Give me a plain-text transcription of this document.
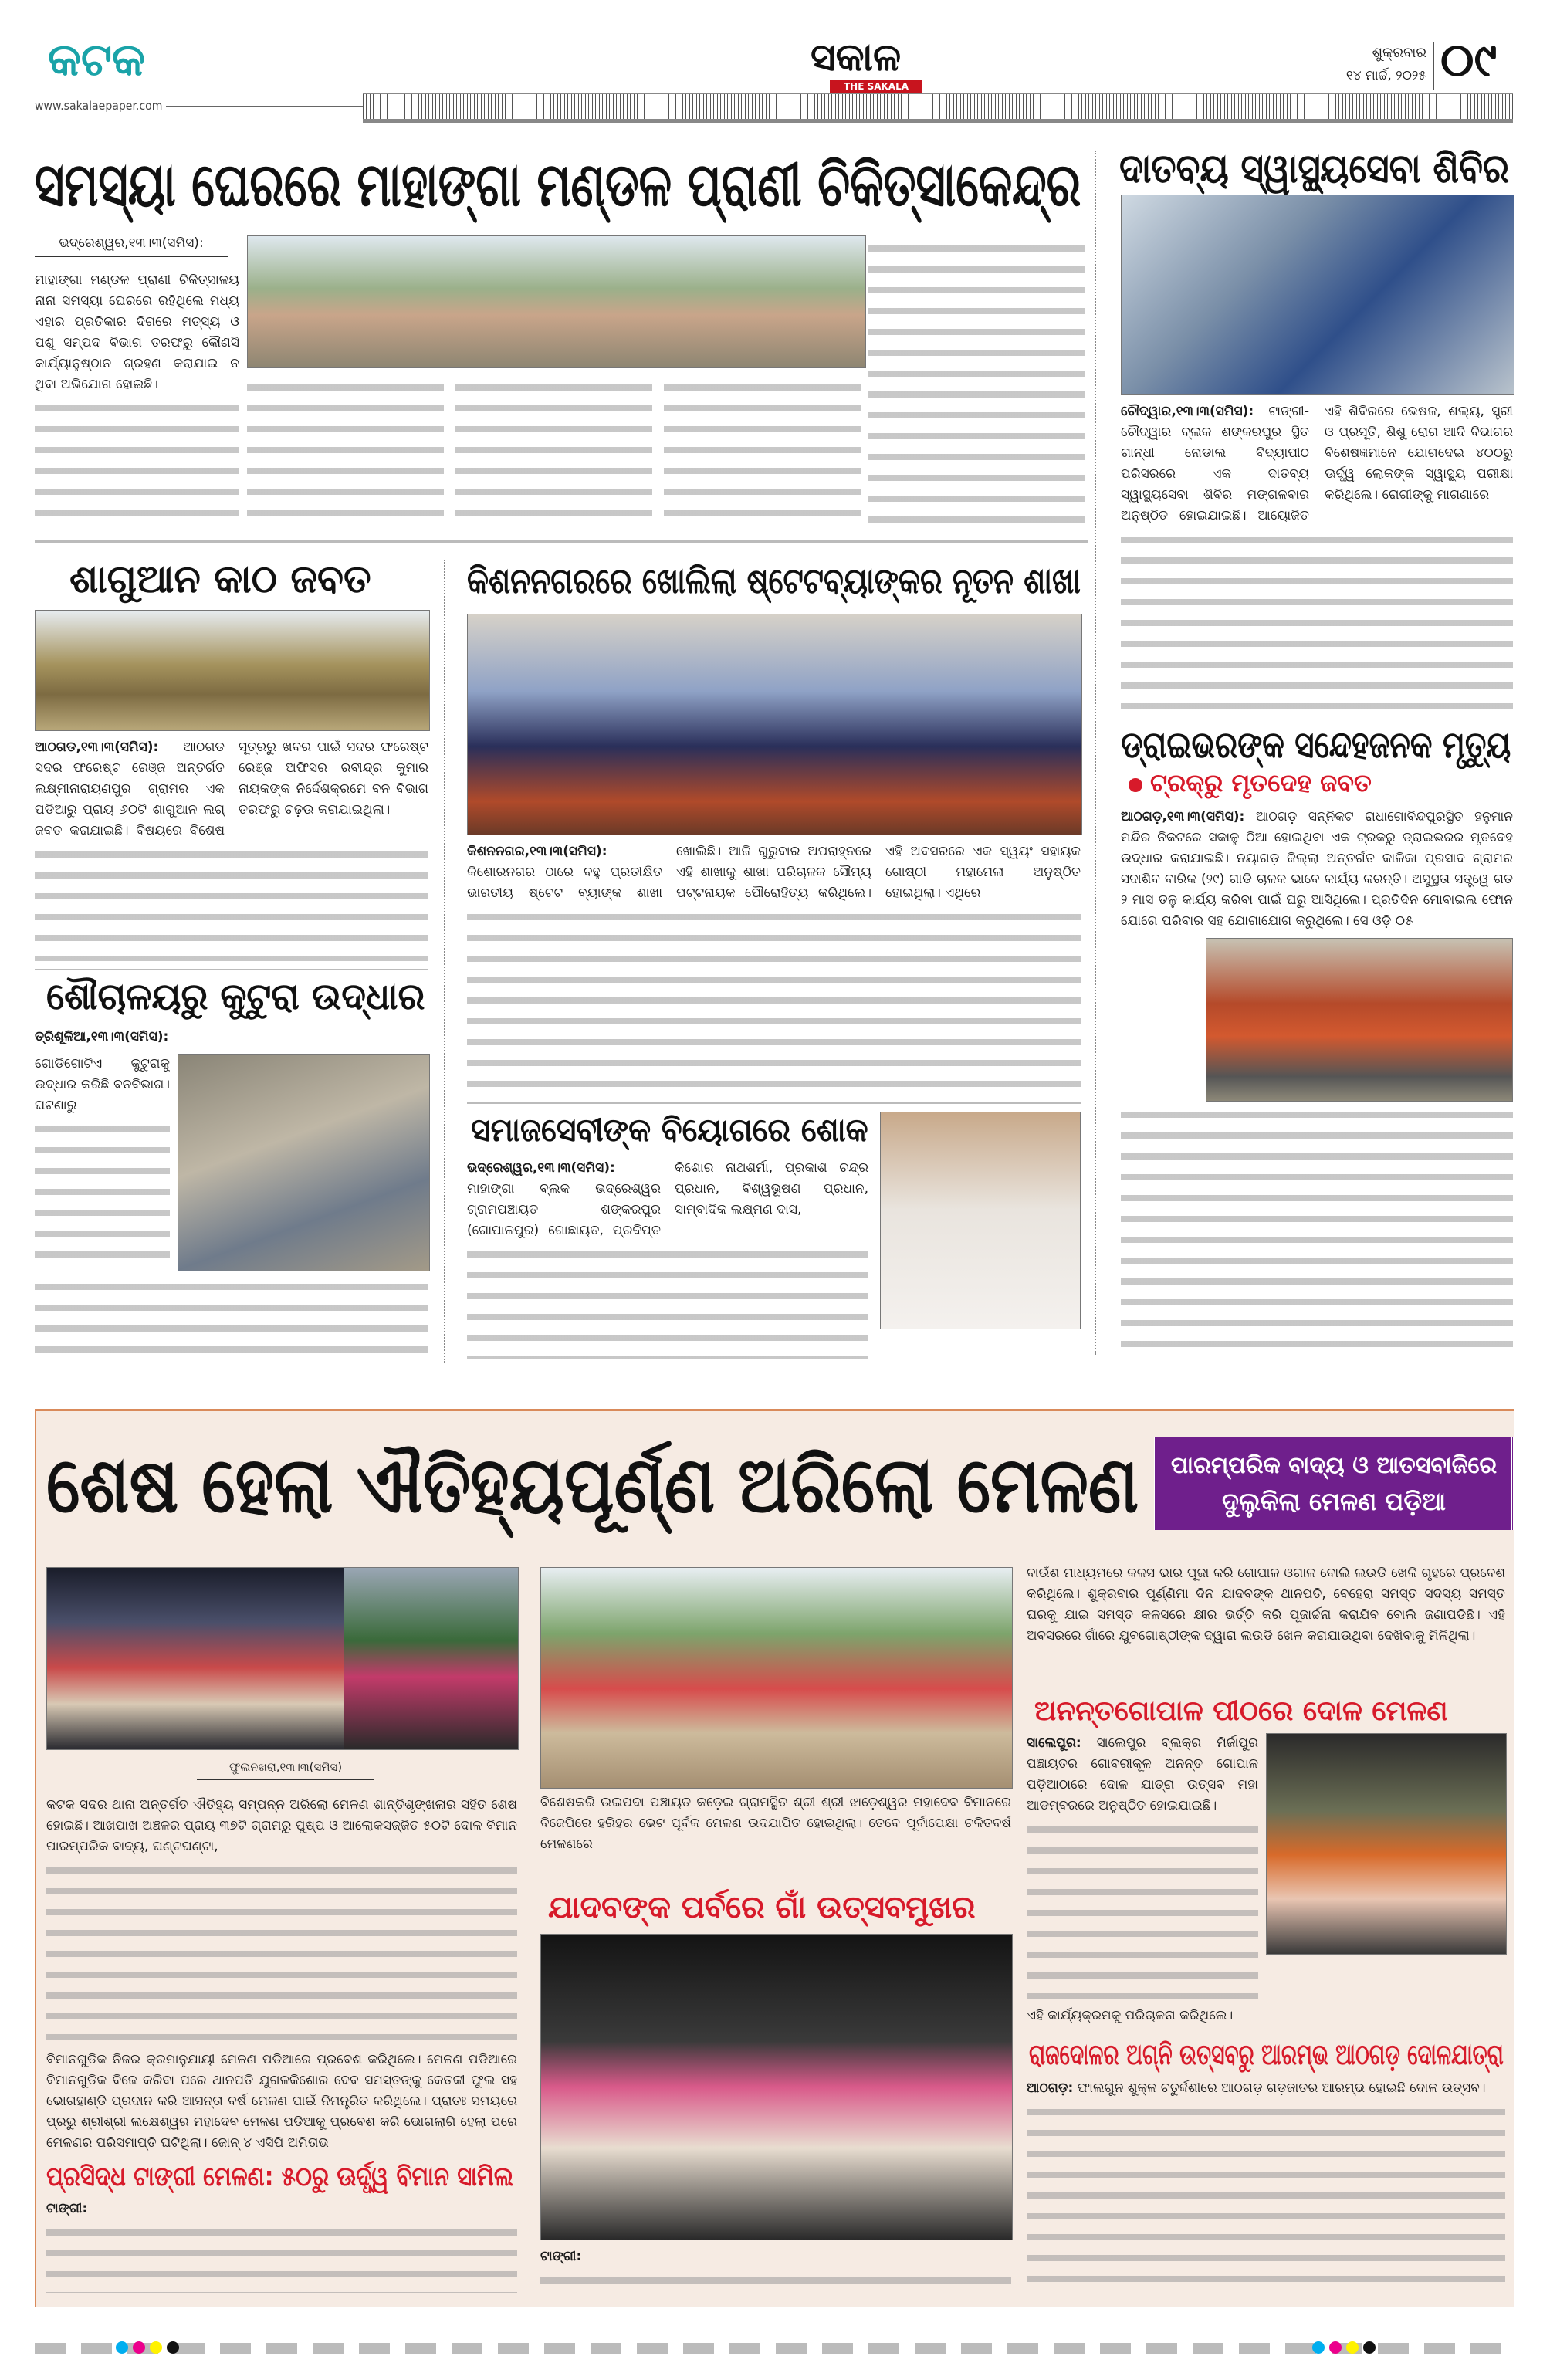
କଟକ
www.sakalaepaper.com
ସକାଳ
THE SAKALA
ଶୁକ୍ରବାର
୧୪ ମାର୍ଚ୍ଚ, ୨୦୨୫ ୦୯
ସମସ୍ୟା ଘେରରେ ମାହାଙ୍ଗା ମଣ୍ଡଳ ପ୍ରାଣୀ ଚିକିତ୍ସାକେନ୍ଦ୍ର
ଭଦ୍ରେଶ୍ୱର,୧୩।୩(ସମିସ):

ମାହାଙ୍ଗା ମଣ୍ଡଳ ପ୍ରାଣୀ ଚିକିତ୍ସାଳୟ ନାନା ସମସ୍ୟା ଘେରରେ ରହିଥିଲେ ମଧ୍ୟ ଏହାର ପ୍ରତିକାର ଦିଗରେ ମତ୍ସ୍ୟ ଓ ପଶୁ ସମ୍ପଦ ବିଭାଗ ତରଫରୁ କୌଣସି କାର୍ଯ୍ୟାନୁଷ୍ଠାନ ଗ୍ରହଣ କରାଯାଇ ନ ଥିବା ଅଭିଯୋଗ ହୋଇଛି।

ଦାତବ୍ୟ ସ୍ୱାସ୍ଥ୍ୟସେବା ଶିବିର

ଚୌଦ୍ୱାର,୧୩।୩(ସମିସ): ଟାଙ୍ଗୀ-ଚୌଦ୍ୱାର ବ୍ଲକ ଶଙ୍କରପୁର ସ୍ଥିତ ଗାନ୍ଧୀ ନୋଡାଲ ବିଦ୍ୟାପୀଠ ପରିସରରେ ଏକ ଦାତବ୍ୟ ସ୍ୱାସ୍ଥ୍ୟସେବା ଶିବିର ମଙ୍ଗଳବାର ଅନୁଷ୍ଠିତ ହୋଇଯାଇଛି। ଆୟୋଜିତ ଏହି ଶିବିରରେ ଭେଷଜ, ଶଲ୍ୟ, ସ୍ତ୍ରୀ ଓ ପ୍ରସୂତି, ଶିଶୁ ରୋଗ ଆଦି ବିଭାଗର ବିଶେଷଜ୍ଞମାନେ ଯୋଗଦେଇ ୪୦୦ରୁ ଊର୍ଦ୍ଧ୍ୱ ଲୋକଙ୍କ ସ୍ୱାସ୍ଥ୍ୟ ପରୀକ୍ଷା କରିଥିଲେ। ରୋଗୀଙ୍କୁ ମାଗଣାରେ

ଶାଗୁଆନ କାଠ ଜବତ

ଆଠଗଡ,୧୩।୩(ସମିସ): ଆଠଗଡ ସଦର ଫରେଷ୍ଟ ରେଞ୍ଜ ଅନ୍ତର୍ଗତ ଲକ୍ଷ୍ମୀନାରାୟଣପୁର ଗ୍ରାମର ଏକ ପଡିଆରୁ ପ୍ରାୟ ୬୦ଟି ଶାଗୁଆନ ଲଗ୍ ଜବତ କରାଯାଇଛି। ବିଷୟରେ ବିଶେଷ ସୂତ୍ରରୁ ଖବର ପାଇଁ ସଦର ଫରେଷ୍ଟ ରେଞ୍ଜ ଅଫିସର ରବୀନ୍ଦ୍ର କୁମାର ନାୟକଙ୍କ ନିର୍ଦ୍ଦେଶକ୍ରମେ ବନ ବିଭାଗ ତରଫରୁ ଚଢ଼ଉ କରାଯାଇଥିଲା।

କିଶନନଗରରେ ଖୋଲିଲା ଷ୍ଟେଟବ୍ୟାଙ୍କର ନୂତନ ଶାଖା

କିଶନନଗର,୧୩।୩(ସମିସ): କିଶୋରନଗର ଠାରେ ବହୁ ପ୍ରତୀକ୍ଷିତ ଭାରତୀୟ ଷ୍ଟେଟ ବ୍ୟାଙ୍କ ଶାଖା ଖୋଲିଛି। ଆଜି ଗୁରୁବାର ଅପରାହ୍ନରେ ଏହି ଶାଖାକୁ ଶାଖା ପରିଚାଳକ ସୌମ୍ୟ ପଟ୍ଟନାୟକ ପୌରୋହିତ୍ୟ କରିଥିଲେ। ଏହି ଅବସରରେ ଏକ ସ୍ୱୟଂ ସହାୟକ ଗୋଷ୍ଠୀ ମହାମେଳା ଅନୁଷ୍ଠିତ ହୋଇଥିଲା। ଏଥିରେ

ଶୌଚାଳୟରୁ କୁଟୁରା ଉଦ୍ଧାର

ତ୍ରିଶୂଳିଆ,୧୩।୩(ସମିସ):

ଗୋଡିଗୋଟିଏ କୁଟୁରାକୁ ଉଦ୍ଧାର କରିଛି ବନବିଭାଗ। ଘଟଣାରୁ

ସମାଜସେବୀଙ୍କ ବିୟୋଗରେ ଶୋକ

ଭଦ୍ରେଶ୍ୱର,୧୩।୩(ସମିସ): ମାହାଙ୍ଗା ବ୍ଲକ ଭଦ୍ରେଶ୍ୱର ଗ୍ରାମପଞ୍ଚାୟତ ଶଙ୍କରପୁର (ଗୋପାଳପୁର) ଗୋଛାୟତ, ପ୍ରଦିପ୍ତ କିଶୋର ନାଥଶର୍ମା, ପ୍ରକାଶ ଚନ୍ଦ୍ର ପ୍ରଧାନ, ବିଶ୍ୱଭୂଷଣ ପ୍ରଧାନ, ସାମ୍ବାଦିକ ଲକ୍ଷ୍ମଣ ଦାସ,

ଡ୍ରାଇଭରଙ୍କ ସନ୍ଦେହଜନକ ମୃତ୍ୟୁ
ଟ୍ରକ୍‌ରୁ ମୃତଦେହ ଜବତ

ଆଠଗଡ଼,୧୩।୩(ସମିସ): ଆଠଗଡ଼ ସନ୍ନିକଟ ରାଧାଗୋବିନ୍ଦପୁରସ୍ଥିତ ହନୁମାନ ମନ୍ଦିର ନିକଟରେ ସକାଳୁ ଠିଆ ହୋଇଥିବା ଏକ ଟ୍ରକରୁ ଡ୍ରାଇଭରର ମୃତଦେହ ଉଦ୍ଧାର କରାଯାଇଛି। ନୟାଗଡ଼ ଜିଲ୍ଲା ଅନ୍ତର୍ଗତ କାଳିକା ପ୍ରସାଦ ଗ୍ରାମର ସଦାଶିବ ବାରିକ (୨୯) ଗାଡି ଚାଳକ ଭାବେ କାର୍ଯ୍ୟ କରନ୍ତି। ଅସୁସ୍ଥତା ସତ୍ତ୍ୱେ ଗତ ୨ ମାସ ତଳୁ କାର୍ଯ୍ୟ କରିବା ପାଇଁ ଘରୁ ଆସିଥିଲେ। ପ୍ରତିଦିନ ମୋବାଇଲ ଫୋନ ଯୋଗେ ପରିବାର ସହ ଯୋଗାଯୋଗ କରୁଥିଲେ। ସେ ଓଡ଼ି ୦୫

ଶେଷ ହେଲା ଐତିହ୍ୟପୂର୍ଣ୍ଣ ଅରିଲୋ ମେଳଣ ପାରମ୍ପରିକ ବାଦ୍ୟ ଓ ଆତସବାଜିରେ
ଦୁଲୁକିଲା ମେଳଣ ପଡ଼ିଆ
ଫୁଲନଖରା,୧୩।୩(ସମିସ)

କଟକ ସଦର ଥାନା ଅନ୍ତର୍ଗତ ଐତିହ୍ୟ ସମ୍ପନ୍ନ ଅରିଲୋ ମେଳଣ ଶାନ୍ତିଶୃଙ୍ଖଳାର ସହିତ ଶେଷ ହୋଇଛି। ଆଖପାଖ ଅଞ୍ଚଳର ପ୍ରାୟ ୩୭ଟି ଗ୍ରାମରୁ ପୁଷ୍ପ ଓ ଆଲୋକସଜ୍ଜିତ ୫୦ଟି ଦୋଳ ବିମାନ ପାରମ୍ପରିକ ବାଦ୍ୟ, ଘଣ୍ଟଘଣ୍ଟା,

ବିମାନଗୁଡିକ ନିଜର କ୍ରମାନୁଯାୟୀ ମେଳଣ ପଡିଆରେ ପ୍ରବେଶ କରିଥିଲେ। ମେଳଣ ପଡିଆରେ ବିମାନଗୁଡିକ ବିଜେ କରିବା ପରେ ଥାନପତି ଯୁଗଳକିଶୋର ଦେବ ସମସ୍ତଙ୍କୁ କେତକୀ ଫୁଲ ସହ ଭୋଗହାଣ୍ଡି ପ୍ରଦାନ କରି ଆସନ୍ତା ବର୍ଷ ମେଳଣ ପାଇଁ ନିମନ୍ତ୍ରିତ କରିଥିଲେ। ପ୍ରାତଃ ସମୟରେ ପ୍ରଭୁ ଶ୍ରୀଶ୍ରୀ ଲକ୍ଷେଶ୍ୱର ମହାଦେବ ମେଳଣ ପଡିଆକୁ ପ୍ରବେଶ କରି ଭୋଗଲାଗି ହେଲା ପରେ ମେଳଣର ପରିସମାପ୍ତି ଘଟିଥିଲା। ଜୋନ୍ ୪ ଏସିପି ଅମିତାଭ

ବିଶେଷକରି ଉଇପଦା ପଞ୍ଚାୟତ କଡ଼େଇ ଗ୍ରାମସ୍ଥିତ ଶ୍ରୀ ଶ୍ରୀ ଝାଡ଼େଶ୍ୱର ମହାଦେବ ବିମାନରେ ବିଜେପିରେ ହରିହର ଭେଟ ପୂର୍ବକ ମେଳଣ ଉଦଯାପିତ ହୋଇଥିଲା। ତେବେ ପୂର୍ବାପେକ୍ଷା ଚଳିତବର୍ଷ ମେଳଣରେ

ବାଉଁଶ ମାଧ୍ୟମରେ କଳସ ଭାର ପୂଜା କରି ଗୋପାଳ ଓଗାଳ ବୋଲି ଲଉଡି ଖେଳି ଗୃହରେ ପ୍ରବେଶ କରିଥିଲେ। ଶୁକ୍ରବାର ପୂର୍ଣ୍ଣିମା ଦିନ ଯାଦବଙ୍କ ଥାନପତି, ବେହେରା ସମସ୍ତ ସଦସ୍ୟ ସମସ୍ତ ଘରକୁ ଯାଇ ସମସ୍ତ କଳସରେ କ୍ଷୀର ଭର୍ତ୍ତି କରି ପୂଜାର୍ଚ୍ଚନା କରାଯିବ ବୋଲି ଜଣାପଡିଛି। ଏହି ଅବସରରେ ଗାଁରେ ଯୁବଗୋଷ୍ଠୀଙ୍କ ଦ୍ୱାରା ଲଉଡି ଖେଳ କରାଯାଉଥିବା ଦେଖିବାକୁ ମିଳିଥିଲା।

ଅନନ୍ତଗୋପାଳ ପୀଠରେ ଦୋଳ ମେଳଣ

ସାଲେପୁର: ସାଲେପୁର ବ୍ଲକ୍‌ର ମିର୍ଜାପୁର ପଞ୍ଚାୟତର ଗୋବରୀକୂଳ ଅନନ୍ତ ଗୋପାଳ ପଡ଼ିଆଠାରେ ଦୋଳ ଯାତ୍ରା ଉତ୍ସବ ମହା ଆଡମ୍ବରରେ ଅନୁଷ୍ଠିତ ହୋଇଯାଇଛି।

ଏହି କାର୍ଯ୍ୟକ୍ରମକୁ ପରିଚାଳନା କରିଥିଲେ।

ପ୍ରସିଦ୍ଧ ଟାଙ୍ଗୀ ମେଳଣ: ୫୦ରୁ ଊର୍ଦ୍ଧ୍ୱ ବିମାନ ସାମିଲ

ଟାଙ୍ଗୀ:

ଯାଦବଙ୍କ ପର୍ବରେ ଗାଁ ଉତ୍ସବମୁଖର

ଟାଙ୍ଗୀ:

ରାଜଦୋଳର ଅଗ୍ନି ଉତ୍ସବରୁ ଆରମ୍ଭ ଆଠଗଡ଼ ଦୋଳଯାତ୍ରା

ଆଠଗଡ଼: ଫାଲଗୁନ ଶୁକ୍ଳ ଚତୁର୍ଦ୍ଦଶୀରେ ଆଠଗଡ଼ ଗଡ଼ଜାତର ଆରମ୍ଭ ହୋଇଛି ଦୋଳ ଉତ୍ସବ।
